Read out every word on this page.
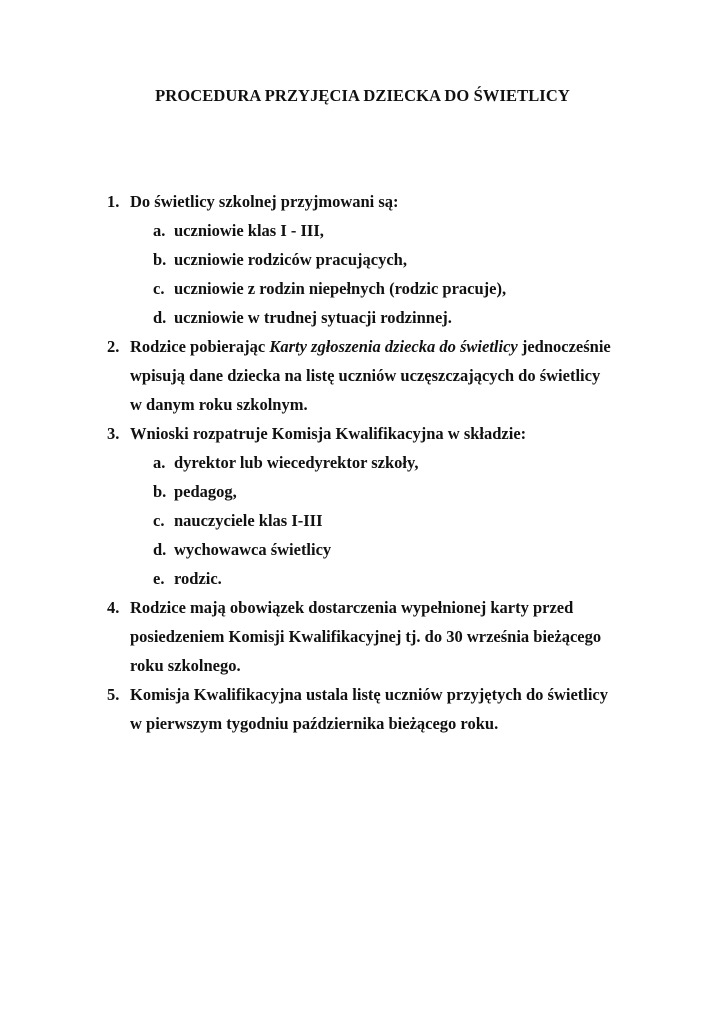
PROCEDURA PRZYJĘCIA DZIECKA DO ŚWIETLICY
1. Do świetlicy szkolnej przyjmowani są:
a. uczniowie klas I - III,
b. uczniowie rodziców pracujących,
c. uczniowie z rodzin niepełnych (rodzic pracuje),
d. uczniowie w trudnej sytuacji rodzinnej.
2. Rodzice pobierając Karty zgłoszenia dziecka do świetlicy jednocześnie
wpisują dane dziecka na listę uczniów uczęszczających do świetlicy
w danym roku szkolnym.
3. Wnioski rozpatruje Komisja Kwalifikacyjna w składzie:
a. dyrektor lub wiecedyrektor szkoły,
b. pedagog,
c. nauczyciele klas I-III
d. wychowawca świetlicy
e. rodzic.
4. Rodzice mają obowiązek dostarczenia wypełnionej karty przed
posiedzeniem Komisji Kwalifikacyjnej tj. do 30 września bieżącego
roku szkolnego.
5. Komisja Kwalifikacyjna ustala listę uczniów przyjętych do świetlicy
w pierwszym tygodniu października bieżącego roku.
